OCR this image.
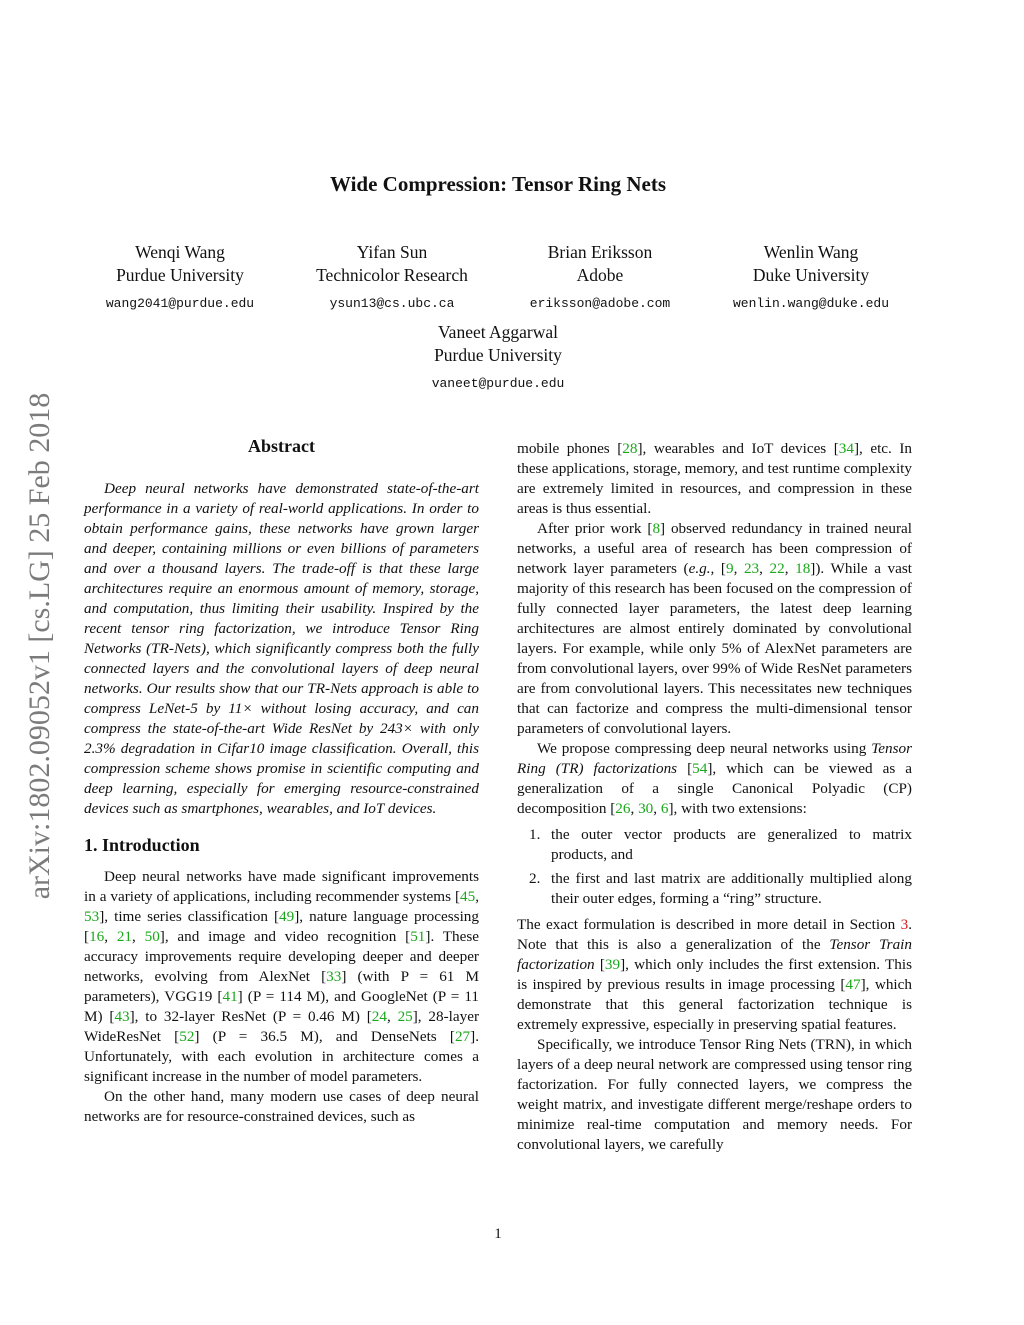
Wide Compression: Tensor Ring Nets
Wenqi Wang
Purdue University
wang2041@purdue.edu
Yifan Sun
Technicolor Research
ysun13@cs.ubc.ca
Brian Eriksson
Adobe
eriksson@adobe.com
Wenlin Wang
Duke University
wenlin.wang@duke.edu
Vaneet Aggarwal
Purdue University
vaneet@purdue.edu
arXiv:1802.09052v1 [cs.LG] 25 Feb 2018	Abstract

Deep neural networks have demonstrated state-of-the-art performance in a variety of real-world applications. In order to obtain performance gains, these networks have grown larger and deeper, containing millions or even billions of parameters and over a thousand layers. The trade-off is that these large architectures require an enormous amount of memory, storage, and computation, thus limiting their usability. Inspired by the recent tensor ring factorization, we introduce Tensor Ring Networks (TR-Nets), which significantly compress both the fully connected layers and the convolutional layers of deep neural networks. Our results show that our TR-Nets approach is able to compress LeNet-5 by 11× without losing accuracy, and can compress the state-of-the-art Wide ResNet by 243× with only 2.3% degradation in Cifar10 image classification. Overall, this compression scheme shows promise in scientific computing and deep learning, especially for emerging resource-constrained devices such as smartphones, wearables, and IoT devices.

1. Introduction

Deep neural networks have made significant improvements in a variety of applications, including recommender systems [45, 53], time series classification [49], nature language processing [16, 21, 50], and image and video recognition [51]. These accuracy improvements require developing deeper and deeper networks, evolving from AlexNet [33] (with P = 61 M parameters), VGG19 [41] (P = 114 M), and GoogleNet (P = 11 M) [43], to 32-layer ResNet (P = 0.46 M) [24, 25], 28-layer WideResNet [52] (P = 36.5 M), and DenseNets [27]. Unfortunately, with each evolution in architecture comes a significant increase in the number of model parameters.

On the other hand, many modern use cases of deep neural networks are for resource-constrained devices, such as

mobile phones [28], wearables and IoT devices [34], etc. In these applications, storage, memory, and test runtime complexity are extremely limited in resources, and compression in these areas is thus essential.

After prior work [8] observed redundancy in trained neural networks, a useful area of research has been compression of network layer parameters (e.g., [9, 23, 22, 18]). While a vast majority of this research has been focused on the compression of fully connected layer parameters, the latest deep learning architectures are almost entirely dominated by convolutional layers. For example, while only 5% of AlexNet parameters are from convolutional layers, over 99% of Wide ResNet parameters are from convolutional layers. This necessitates new techniques that can factorize and compress the multi-dimensional tensor parameters of convolutional layers.

We propose compressing deep neural networks using Tensor Ring (TR) factorizations [54], which can be viewed as a generalization of a single Canonical Polyadic (CP) decomposition [26, 30, 6], with two extensions:

1. the outer vector products are generalized to matrix products, and
2. the first and last matrix are additionally multiplied along their outer edges, forming a “ring” structure.

The exact formulation is described in more detail in Section 3. Note that this is also a generalization of the Tensor Train factorization [39], which only includes the first extension. This is inspired by previous results in image processing [47], which demonstrate that this general factorization technique is extremely expressive, especially in preserving spatial features.

Specifically, we introduce Tensor Ring Nets (TRN), in which layers of a deep neural network are compressed using tensor ring factorization. For fully connected layers, we compress the weight matrix, and investigate different merge/reshape orders to minimize real-time computation and memory needs. For convolutional layers, we carefully

1
